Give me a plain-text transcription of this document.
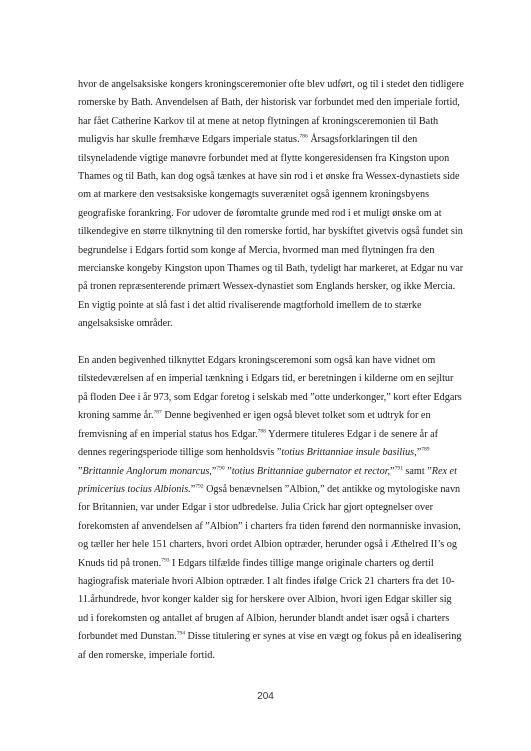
hvor de angelsaksiske kongers kroningsceremonier ofte blev udført, og til i stedet den tidligere
romerske by Bath. Anvendelsen af Bath, der historisk var forbundet med den imperiale fortid,
har fået Catherine Karkov til at mene at netop flytningen af kroningsceremonien til Bath
muligvis har skulle fremhæve Edgars imperiale status.$^{786}$ Årsagsforklaringen til den
tilsyneladende vigtige manøvre forbundet med at flytte kongeresidensen fra Kingston upon
Thames og til Bath, kan dog også tænkes at have sin rod i et ønske fra Wessex-dynastiets side
om at markere den vestsaksiske kongemagts suverænitet også igennem kroningsbyens
geografiske forankring. For udover de føromtalte grunde med rod i et muligt ønske om at
tilkendegive en større tilknytning til den romerske fortid, har byskiftet givetvis også fundet sin
begrundelse i Edgars fortid som konge af Mercia, hvormed man med flytningen fra den
mercianske kongeby Kingston upon Thames og til Bath, tydeligt har markeret, at Edgar nu var
på tronen repræsenterende primært Wessex-dynastiet som Englands hersker, og ikke Mercia.
En vigtig pointe at slå fast i det altid rivaliserende magtforhold imellem de to stærke
angelsaksiske områder.

En anden begivenhed tilknyttet Edgars kroningsceremoni som også kan have vidnet om
tilstedeværelsen af en imperial tænkning i Edgars tid, er beretningen i kilderne om en sejltur
på floden Dee i år 973, som Edgar foretog i selskab med ”otte underkonger,” kort efter Edgars
kroning samme år.$^{787}$ Denne begivenhed er igen også blevet tolket som et udtryk for en
fremvisning af en imperial status hos Edgar.$^{788}$ Ydermere tituleres Edgar i de senere år af
dennes regeringsperiode tillige som henholdsvis ”totius Brittanniae insule basilius,”$^{789}$
”Brittannie Anglorum monarcus,”$^{790}$ ”totius Brittanniae gubernator et rector,”$^{791}$ samt ”Rex et
primicerius tocius Albionis.”$^{792}$ Også benævnelsen ”Albion,” det antikke og mytologiske navn
for Britannien, var under Edgar i stor udbredelse. Julia Crick har gjort optegnelser over
forekomsten af anvendelsen af ”Albion” i charters fra tiden førend den normanniske invasion,
og tæller her hele 151 charters, hvori ordet Albion optræder, herunder også i Æthelred II’s og
Knuds tid på tronen.$^{793}$ I Edgars tilfælde findes tillige mange originale charters og dertil
hagiografisk materiale hvori Albion optræder. I alt findes ifølge Crick 21 charters fra det 10-
11.århundrede, hvor konger kalder sig for herskere over Albion, hvori igen Edgar skiller sig
ud i forekomsten og antallet af brugen af Albion, herunder blandt andet især også i charters
forbundet med Dunstan.$^{794}$ Disse titulering er synes at vise en vægt og fokus på en idealisering
af den romerske, imperiale fortid.

204
